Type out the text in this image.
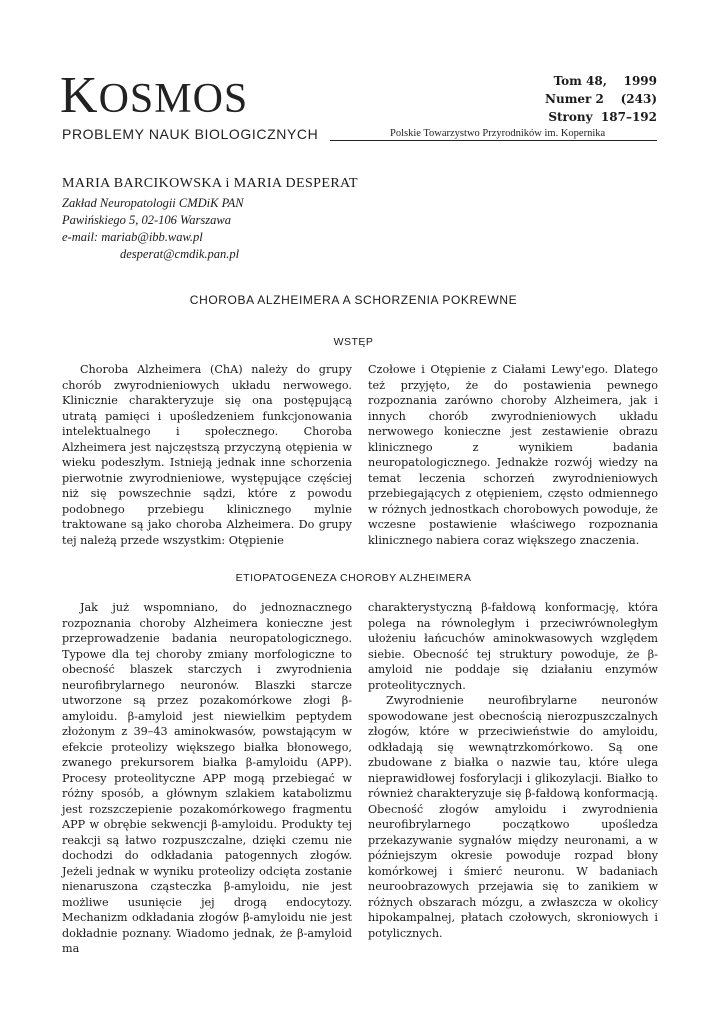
KOSMOS
PROBLEMY NAUK BIOLOGICZNYCH
Tom 48,    1999
Numer 2    (243)
Strony  187–192
Polskie Towarzystwo Przyrodników im. Kopernika
MARIA BARCIKOWSKA i MARIA DESPERAT
Zakład Neuropatologii CMDiK PAN
Pawińskiego 5, 02-106 Warszawa
e-mail: mariab@ibb.waw.pl
desperat@cmdik.pan.pl
CHOROBA ALZHEIMERA A SCHORZENIA POKREWNE
WSTĘP

Choroba Alzheimera (ChA) należy do grupy chorób zwyrodnieniowych układu nerwowego. Klinicznie charakteryzuje się ona postępującą utratą pamięci i upośledzeniem funkcjonowania intelektualnego i społecznego. Choroba Alzheimera jest najczęstszą przyczyną otępienia w wieku podeszłym. Istnieją jednak inne schorzenia pierwotnie zwyrodnieniowe, występujące częściej niż się powszechnie sądzi, które z powodu podobnego przebiegu klinicznego mylnie traktowane są jako choroba Alzheimera. Do grupy tej należą przede wszystkim: Otępienie

Czołowe i Otępienie z Ciałami Lewy'ego. Dlatego też przyjęto, że do postawienia pewnego rozpoznania zarówno choroby Alzheimera, jak i innych chorób zwyrodnieniowych układu nerwowego konieczne jest zestawienie obrazu klinicznego z wynikiem badania neuropatologicznego. Jednakże rozwój wiedzy na temat leczenia schorzeń zwyrodnieniowych przebiegających z otępieniem, często odmiennego w różnych jednostkach chorobowych powoduje, że wczesne postawienie właściwego rozpoznania klinicznego nabiera coraz większego znaczenia.

ETIOPATOGENEZA CHOROBY ALZHEIMERA

Jak już wspomniano, do jednoznacznego rozpoznania choroby Alzheimera konieczne jest przeprowadzenie badania neuropatologicznego. Typowe dla tej choroby zmiany morfologiczne to obecność blaszek starczych i zwyrodnienia neurofibrylarnego neuronów. Blaszki starcze utworzone są przez pozakomórkowe złogi β-amyloidu. β-amyloid jest niewielkim peptydem złożonym z 39–43 aminokwasów, powstającym w efekcie proteolizy większego białka błonowego, zwanego prekursorem białka β-amyloidu (APP). Procesy proteolityczne APP mogą przebiegać w różny sposób, a głównym szlakiem katabolizmu jest rozszczepienie pozakomórkowego fragmentu APP w obrębie sekwencji β-amyloidu. Produkty tej reakcji są łatwo rozpuszczalne, dzięki czemu nie dochodzi do odkładania patogennych złogów. Jeżeli jednak w wyniku proteolizy odcięta zostanie nienaruszona cząsteczka β-amyloidu, nie jest możliwe usunięcie jej drogą endocytozy. Mechanizm odkładania złogów β-amyloidu nie jest dokładnie poznany. Wiadomo jednak, że β-amyloid ma

charakterystyczną β-fałdową konformację, która polega na równoległym i przeciwrównoległym ułożeniu łańcuchów aminokwasowych względem siebie. Obecność tej struktury powoduje, że β-amyloid nie poddaje się działaniu enzymów proteolitycznych.

Zwyrodnienie neurofibrylarne neuronów spowodowane jest obecnością nierozpuszczalnych złogów, które w przeciwieństwie do amyloidu, odkładają się wewnątrzkomórkowo. Są one zbudowane z białka o nazwie tau, które ulega nieprawidłowej fosforylacji i glikozylacji. Białko to również charakteryzuje się β-fałdową konformacją. Obecność złogów amyloidu i zwyrodnienia neurofibrylarnego początkowo upośledza przekazywanie sygnałów między neuronami, a w późniejszym okresie powoduje rozpad błony komórkowej i śmierć neuronu. W badaniach neuroobrazowych przejawia się to zanikiem w różnych obszarach mózgu, a zwłaszcza w okolicy hipokampalnej, płatach czołowych, skroniowych i potylicznych.
